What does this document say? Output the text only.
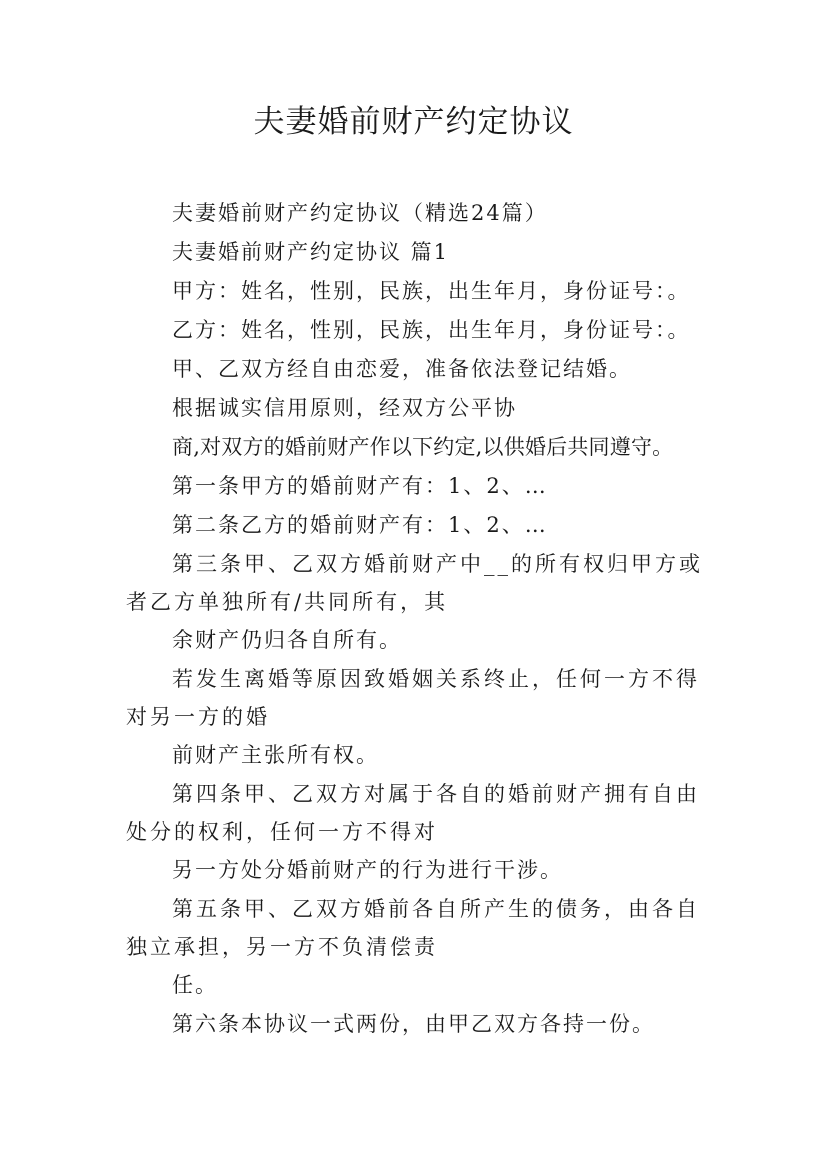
夫妻婚前财产约定协议

夫妻婚前财产约定协议（精选24篇）

夫妻婚前财产约定协议 篇1

甲方：姓名，性别，民族，出生年月，身份证号：。

乙方：姓名，性别，民族，出生年月，身份证号：。

甲、乙双方经自由恋爱，准备依法登记结婚。

根据诚实信用原则，经双方公平协

商,对双方的婚前财产作以下约定,以供婚后共同遵守。

第一条甲方的婚前财产有：1、2、…

第二条乙方的婚前财产有：1、2、…

第三条甲、乙双方婚前财产中__的所有权归甲方或者乙方单独所有/共同所有，其

余财产仍归各自所有。

若发生离婚等原因致婚姻关系终止，任何一方不得对另一方的婚

前财产主张所有权。

第四条甲、乙双方对属于各自的婚前财产拥有自由处分的权利，任何一方不得对

另一方处分婚前财产的行为进行干涉。

第五条甲、乙双方婚前各自所产生的债务，由各自独立承担，另一方不负清偿责

任。

第六条本协议一式两份，由甲乙双方各持一份。
